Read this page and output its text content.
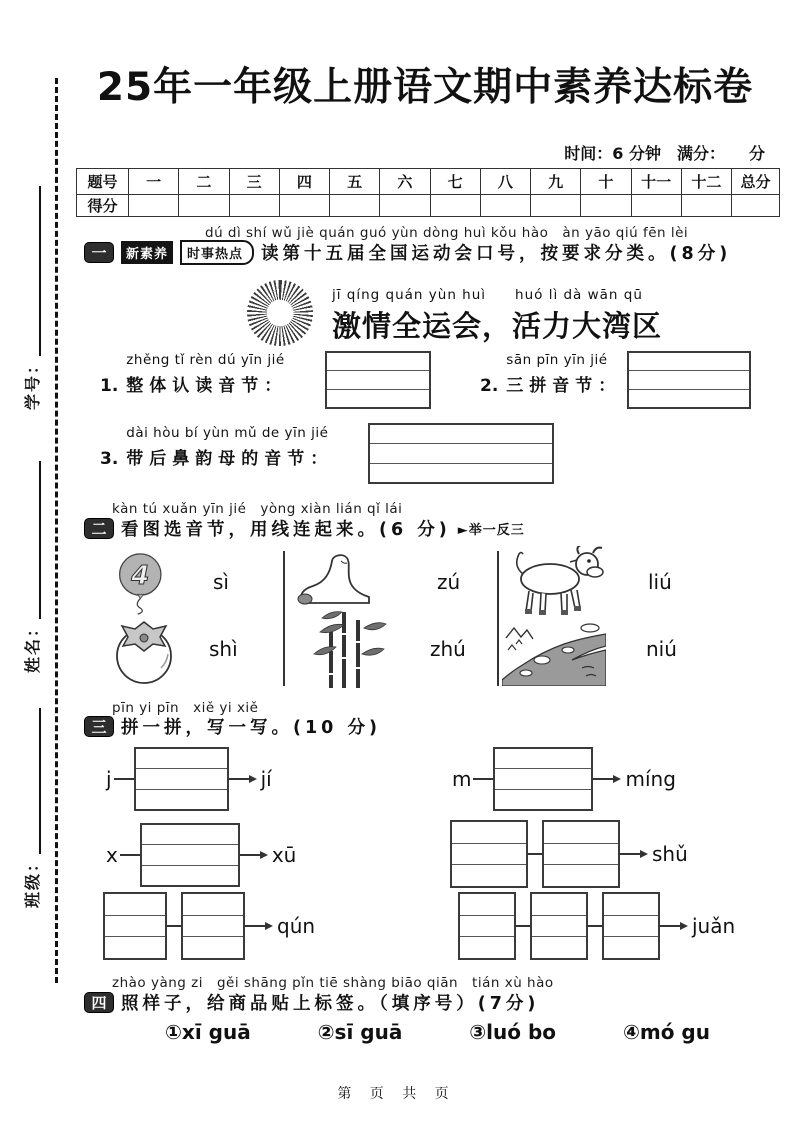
学号：
姓名：
班级：
25年一年级上册语文期中素养达标卷
时间：6 分钟　满分：　　分
题号	一	二	三	四	五	六	七	八	九	十	十一	十二	总分
得分													
dú dì shí wǔ jiè quán guó yùn dòng huì kǒu hào　àn yāo qiú fēn lèi
一	新素养	时事热点	读第十五届全国运动会口号，按要求分类。(8分)
jī qíng quán yùn huì　　huó lì dà wān qū
激情全运会，活力大湾区
1.
zhěng tǐ rèn dú yīn jié
整体认读音节：	2.
sān pīn yīn jié
三拼音节：
3.
dài hòu bí yùn mǔ de yīn jié
带后鼻韵母的音节：
kàn tú xuǎn yīn jié　yòng xiàn lián qǐ lái
二 看图选音节，用线连起来。(6 分) ►举一反三
4	sì	zú	liú
shì	zhú	niú
pīn yi pīn　xiě yi xiě
三 拼一拼，写一写。(10 分)
j	jí	m	míng
x	xū	shǔ
qún	juǎn
zhào yàng zi　gěi shāng pǐn tiē shàng biāo qiān　tián xù hào
四 照样子，给商品贴上标签。（填序号）(7分)
①xī guā	②sī guā	③luó bo	④mó gu
第 页 共 页
